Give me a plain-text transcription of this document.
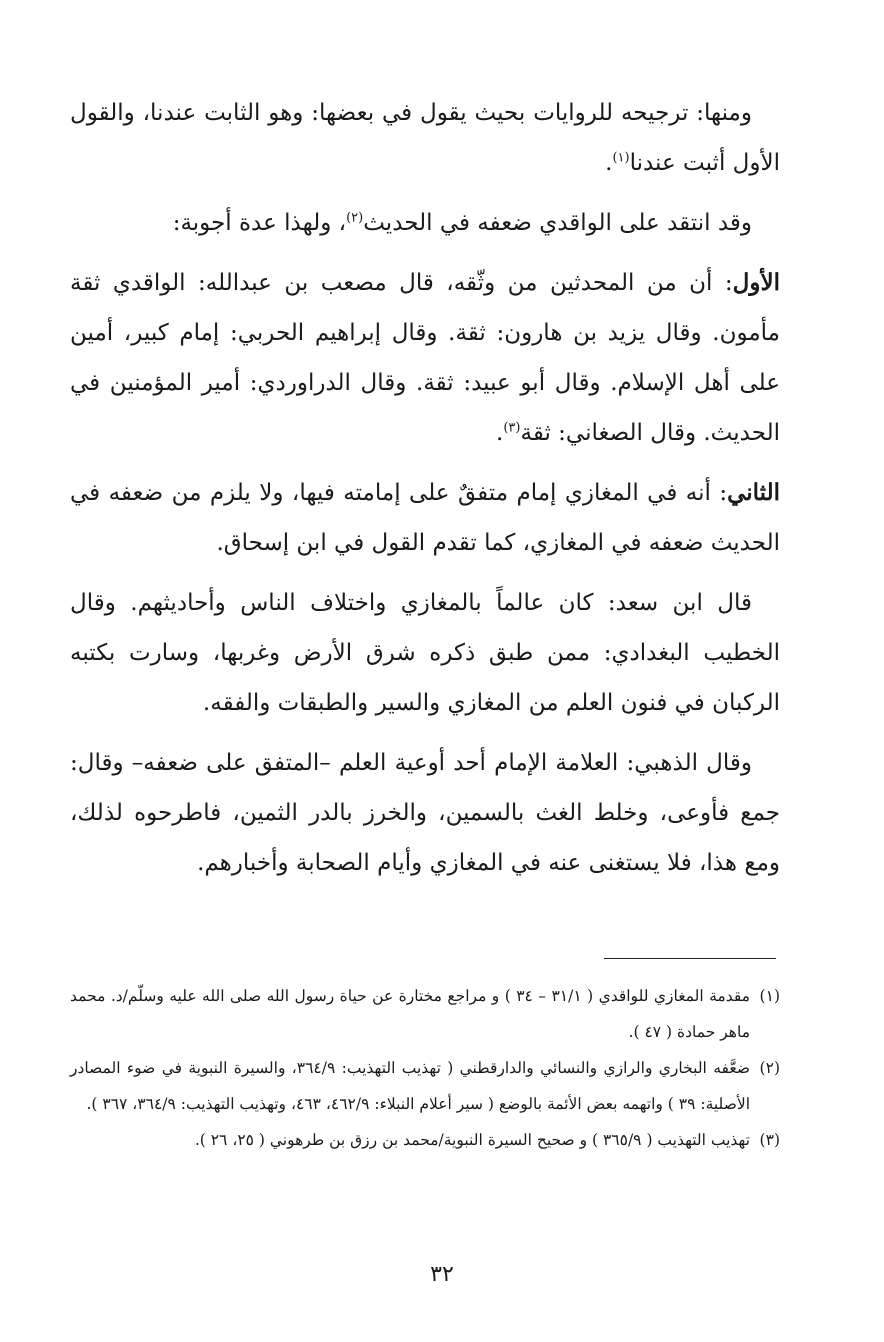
ومنها: ترجيحه للروايات بحيث يقول في بعضها: وهو الثابت عندنا، والقول الأول أثبت عندنا$^{(١)}$.

وقد انتقد على الواقدي ضعفه في الحديث$^{(٢)}$، ولهذا عدة أجوبة:

الأول: أن من المحدثين من وثّقه، قال مصعب بن عبدالله: الواقدي ثقة مأمون. وقال يزيد بن هارون: ثقة. وقال إبراهيم الحربي: إمام كبير، أمين على أهل الإسلام. وقال أبو عبيد: ثقة. وقال الدراوردي: أمير المؤمنين في الحديث. وقال الصغاني: ثقة$^{(٣)}$.

الثاني: أنه في المغازي إمام متفقٌ على إمامته فيها، ولا يلزم من ضعفه في الحديث ضعفه في المغازي، كما تقدم القول في ابن إسحاق.

قال ابن سعد: كان عالماً بالمغازي واختلاف الناس وأحاديثهم. وقال الخطيب البغدادي: ممن طبق ذكره شرق الأرض وغربها، وسارت بكتبه الركبان في فنون العلم من المغازي والسير والطبقات والفقه.

وقال الذهبي: العلامة الإمام أحد أوعية العلم –المتفق على ضعفه– وقال: جمع فأوعى، وخلط الغث بالسمين، والخرز بالدر الثمين، فاطرحوه لذلك، ومع هذا، فلا يستغنى عنه في المغازي وأيام الصحابة وأخبارهم.

(١)
مقدمة المغازي للواقدي ( ٣١/١ – ٣٤ ) و مراجع مختارة عن حياة رسول الله صلى الله عليه وسلّم/د. محمد ماهر حمادة ( ٤٧ ).

(٢)
ضعَّفه البخاري والرازي والنسائي والدارقطني ( تهذيب التهذيب: ٣٦٤/٩، والسيرة النبوية في ضوء المصادر الأصلية: ٣٩ ) واتهمه بعض الأئمة بالوضع ( سير أعلام النبلاء: ٤٦٢/٩، ٤٦٣، وتهذيب التهذيب: ٣٦٤/٩، ٣٦٧ ).

(٣)
تهذيب التهذيب ( ٣٦٥/٩ ) و صحيح السيرة النبوية/محمد بن رزق بن طرهوني ( ٢٥، ٢٦ ).

٣٢
